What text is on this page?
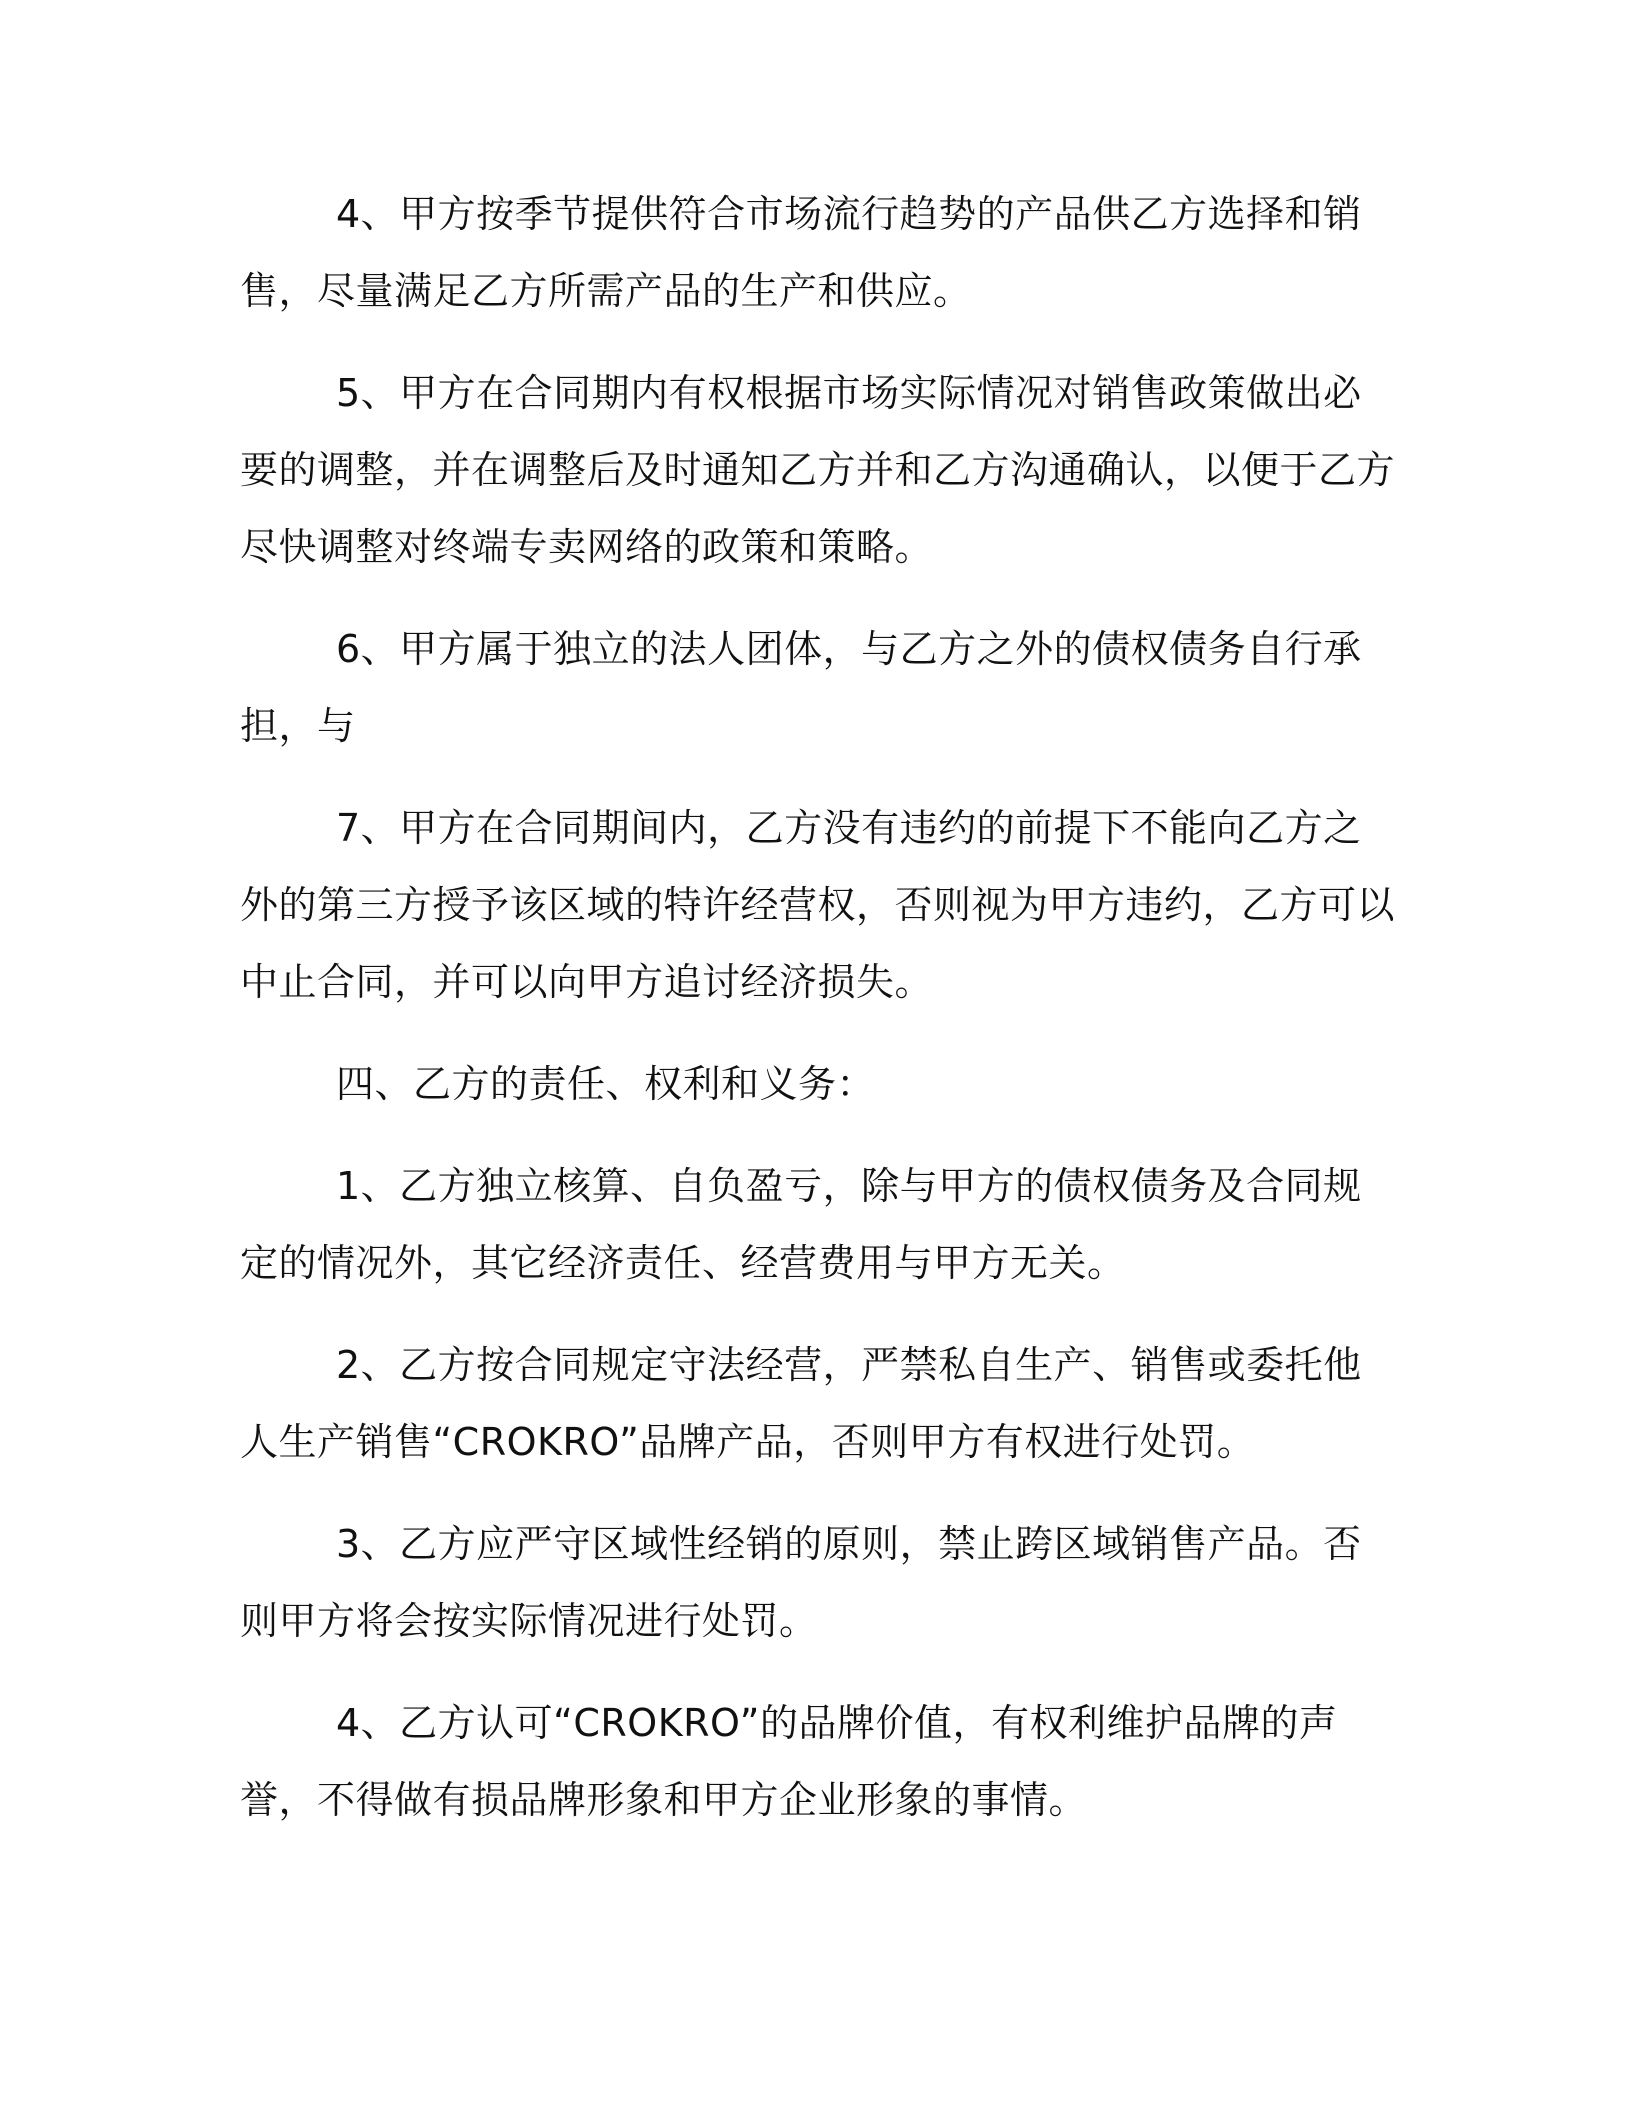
4、甲方按季节提供符合市场流行趋势的产品供乙方选择和销售，尽量满足乙方所需产品的生产和供应。

5、甲方在合同期内有权根据市场实际情况对销售政策做出必要的调整，并在调整后及时通知乙方并和乙方沟通确认，以便于乙方尽快调整对终端专卖网络的政策和策略。

6、甲方属于独立的法人团体，与乙方之外的债权债务自行承担，与

7、甲方在合同期间内，乙方没有违约的前提下不能向乙方之外的第三方授予该区域的特许经营权，否则视为甲方违约，乙方可以中止合同，并可以向甲方追讨经济损失。

四、乙方的责任、权利和义务：

1、乙方独立核算、自负盈亏，除与甲方的债权债务及合同规定的情况外，其它经济责任、经营费用与甲方无关。

2、乙方按合同规定守法经营，严禁私自生产、销售或委托他人生产销售“CROKRO”品牌产品，否则甲方有权进行处罚。

3、乙方应严守区域性经销的原则，禁止跨区域销售产品。否则甲方将会按实际情况进行处罚。

4、乙方认可“CROKRO”的品牌价值，有权利维护品牌的声誉，不得做有损品牌形象和甲方企业形象的事情。
